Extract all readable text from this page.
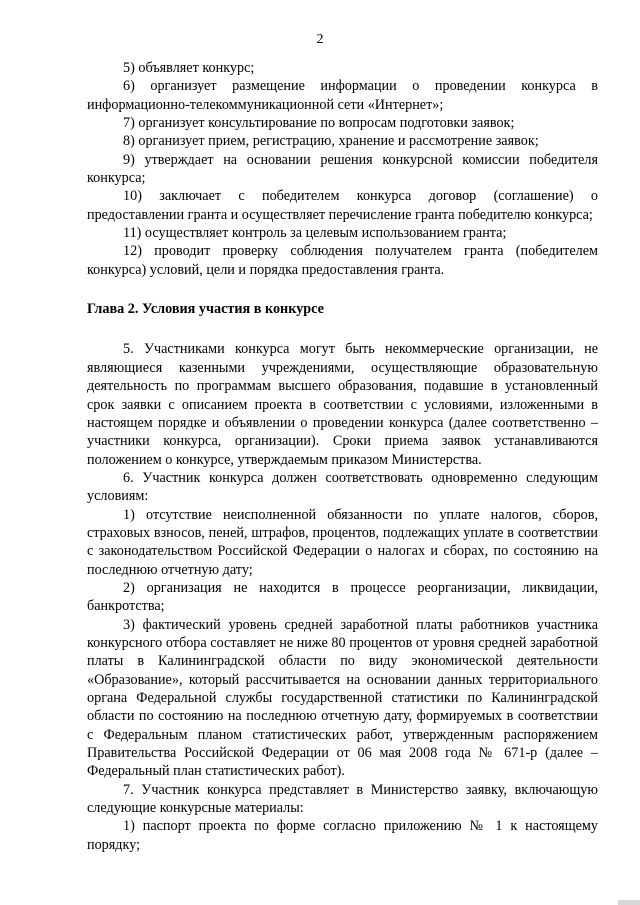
2

5) объявляет конкурс;

6) организует размещение информации о проведении конкурса в информационно-телекоммуникационной сети «Интернет»;

7) организует консультирование по вопросам подготовки заявок;

8) организует прием, регистрацию, хранение и рассмотрение заявок;

9) утверждает на основании решения конкурсной комиссии победителя конкурса;

10) заключает с победителем конкурса договор (соглашение) о предоставлении гранта и осуществляет перечисление гранта победителю конкурса;

11) осуществляет контроль за целевым использованием гранта;

12) проводит проверку соблюдения получателем гранта (победителем конкурса) условий, цели и порядка предоставления гранта.

Глава 2. Условия участия в конкурсе

5. Участниками конкурса могут быть некоммерческие организации, не являющиеся казенными учреждениями, осуществляющие образовательную деятельность по программам высшего образования, подавшие в установленный срок заявки с описанием проекта в соответствии с условиями, изложенными в настоящем порядке и объявлении о проведении конкурса (далее соответственно – участники конкурса, организации). Сроки приема заявок устанавливаются положением о конкурсе, утверждаемым приказом Министерства.

6. Участник конкурса должен соответствовать одновременно следующим условиям:

1) отсутствие неисполненной обязанности по уплате налогов, сборов, страховых взносов, пеней, штрафов, процентов, подлежащих уплате в соответствии с законодательством Российской Федерации о налогах и сборах, по состоянию на последнюю отчетную дату;

2) организация не находится в процессе реорганизации, ликвидации, банкротства;

3) фактический уровень средней заработной платы работников участника конкурсного отбора составляет не ниже 80 процентов от уровня средней заработной платы в Калининградской области по виду экономической деятельности «Образование», который рассчитывается на основании данных территориального органа Федеральной службы государственной статистики по Калининградской области по состоянию на последнюю отчетную дату, формируемых в соответствии с Федеральным планом статистических работ, утвержденным распоряжением Правительства Российской Федерации от 06 мая 2008 года № 671-р (далее – Федеральный план статистических работ).

7. Участник конкурса представляет в Министерство заявку, включающую следующие конкурсные материалы:

1) паспорт проекта по форме согласно приложению № 1 к настоящему порядку;
